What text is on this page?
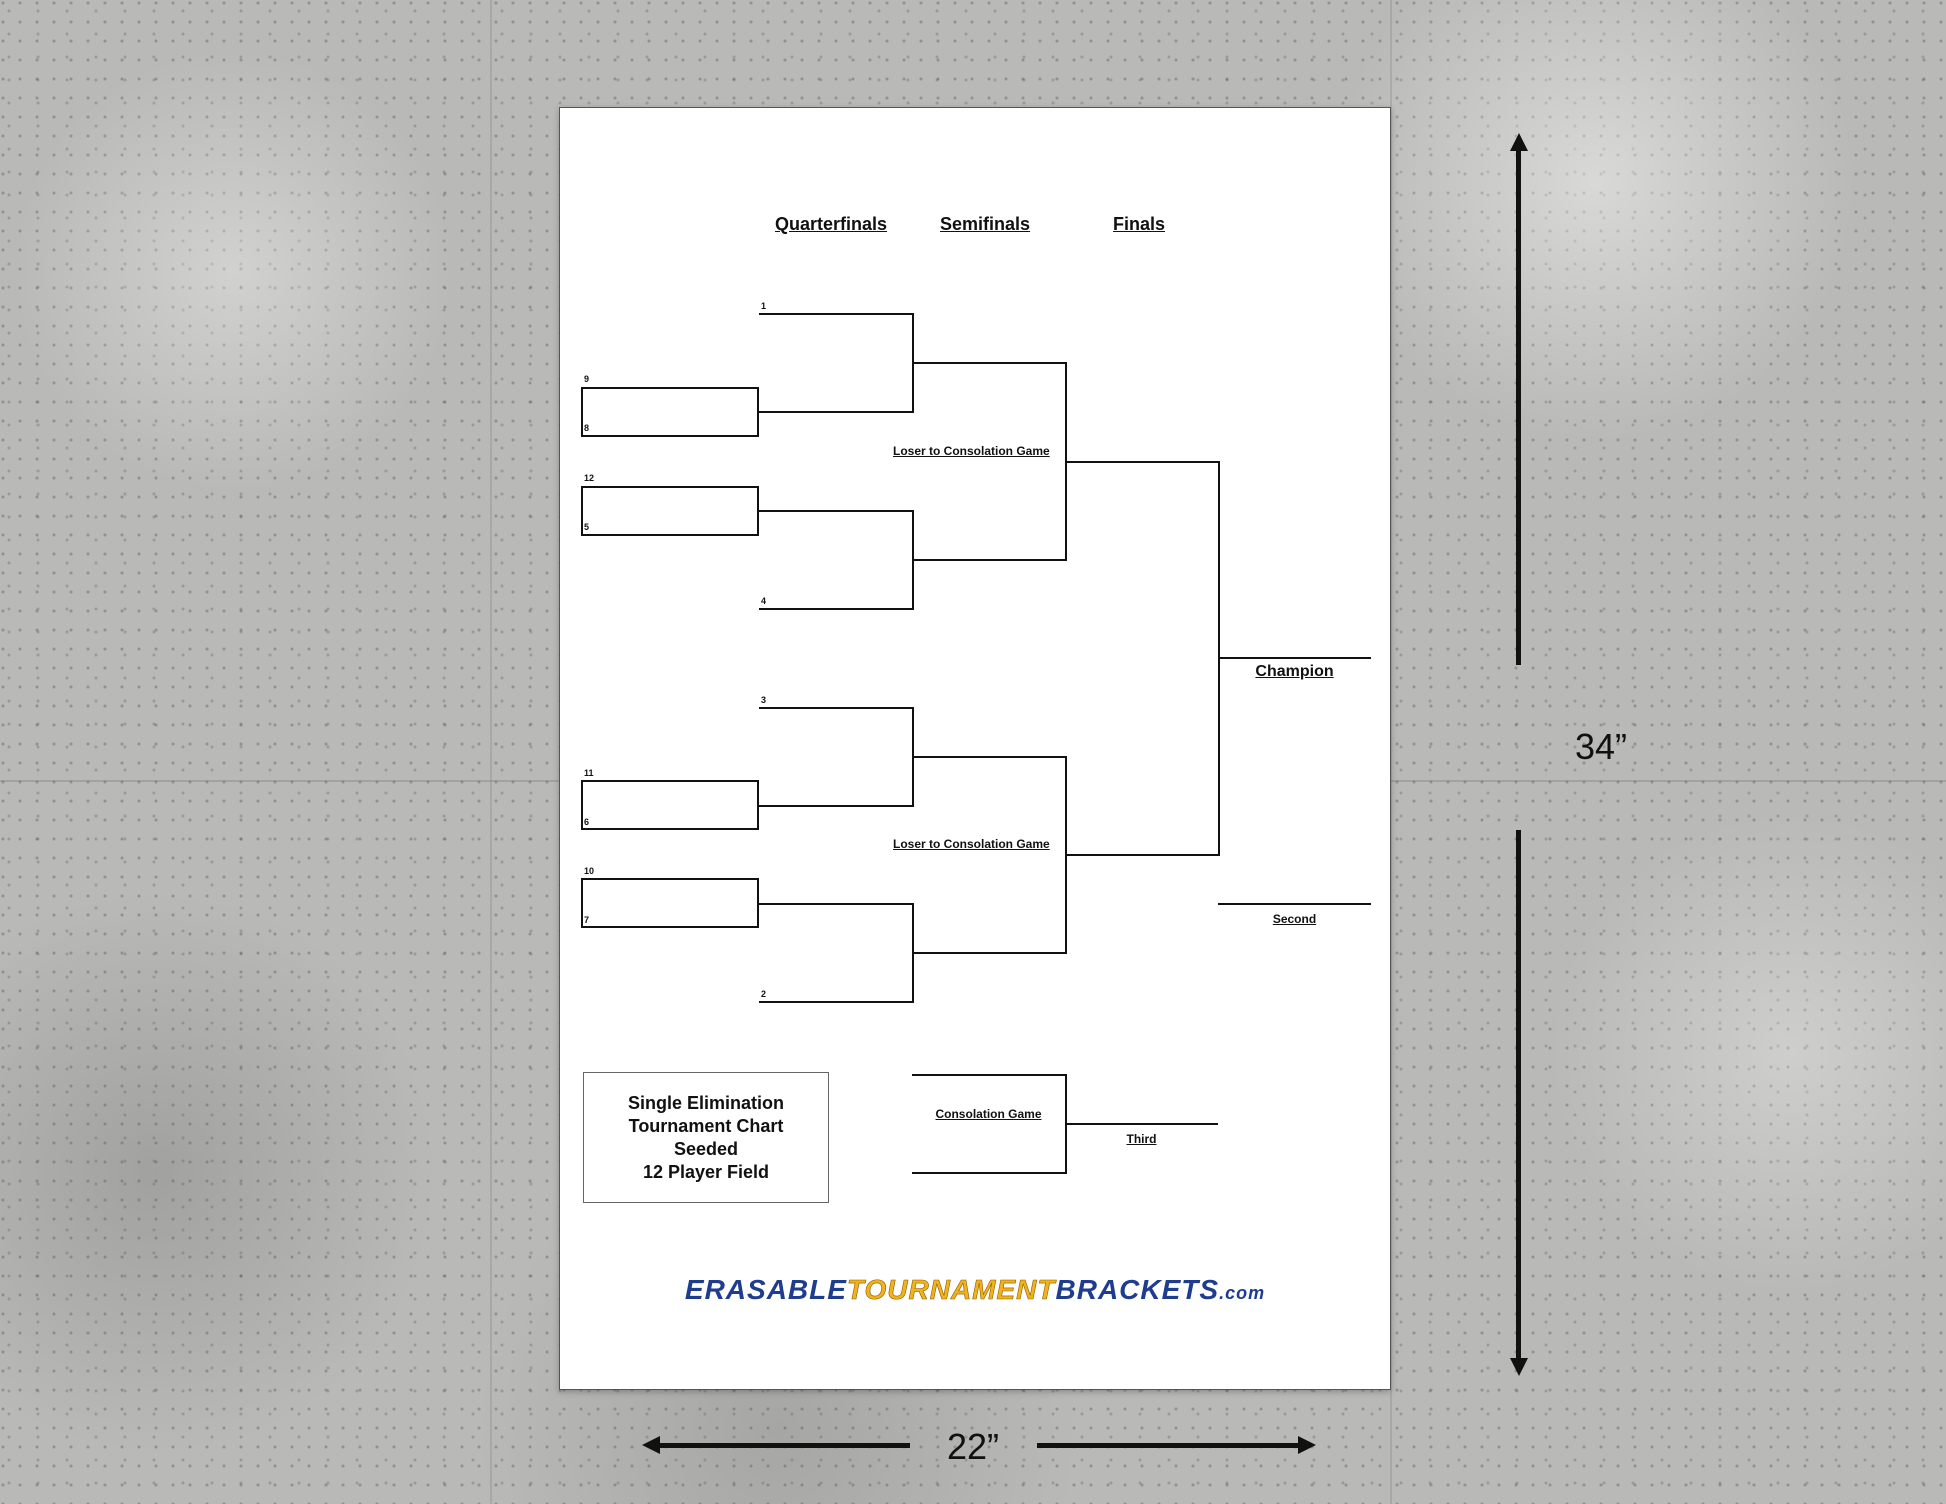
Quarterfinals	Semifinals	Finals
1
9
8
12
5
4
3
11
6
10
7
2
Loser to Consolation Game
Loser to Consolation Game
Champion
Second
Consolation Game
Third
Single Elimination
Tournament Chart
Seeded
12 Player Field
ERASABLETOURNAMENTBRACKETS.com
34”
22”
